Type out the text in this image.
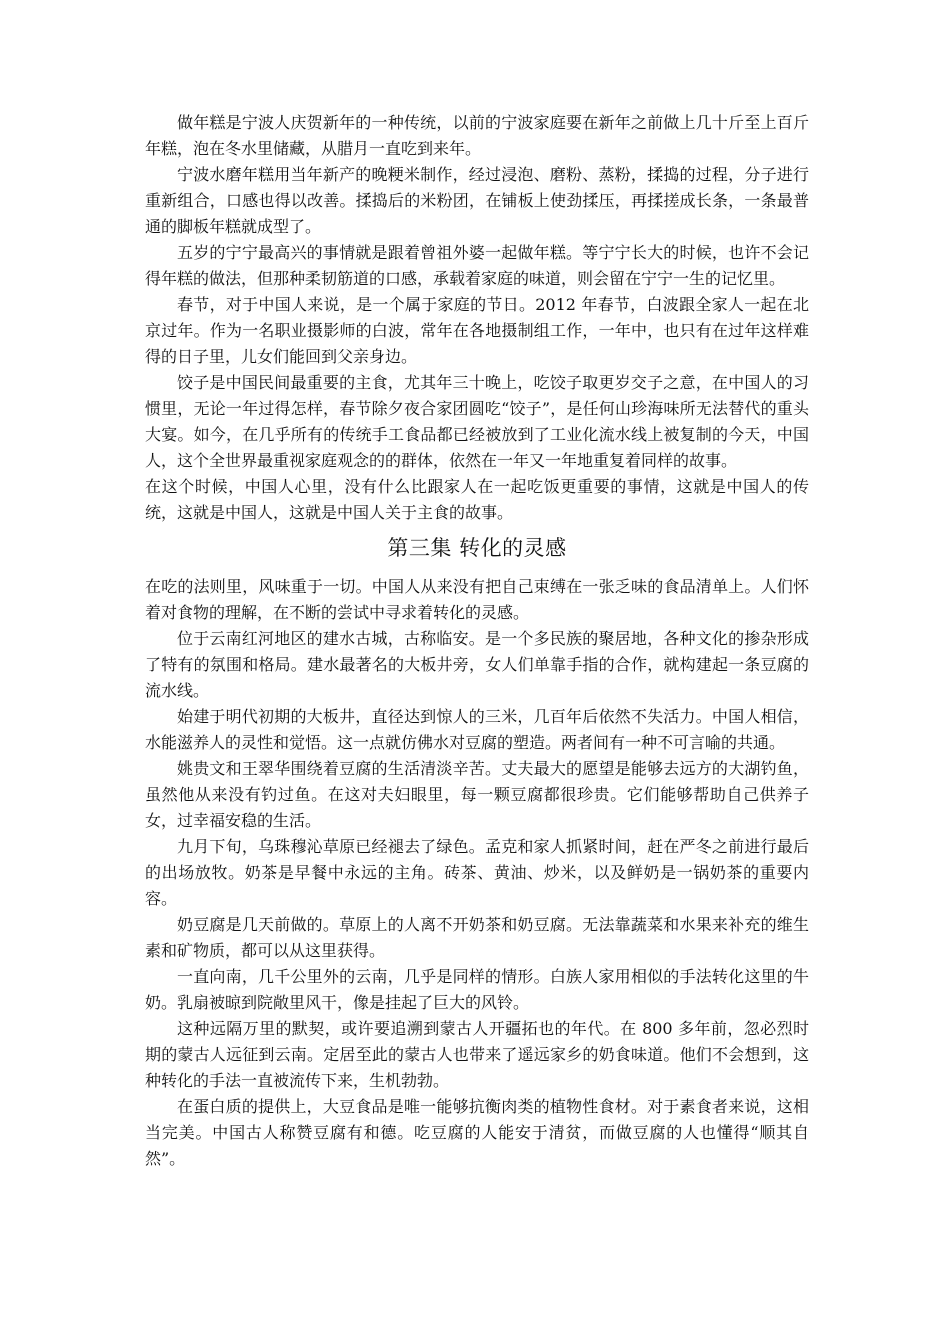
做年糕是宁波人庆贺新年的一种传统，以前的宁波家庭要在新年之前做上几十斤至上百斤年糕，泡在冬水里储藏，从腊月一直吃到来年。

宁波水磨年糕用当年新产的晚粳米制作，经过浸泡、磨粉、蒸粉，揉捣的过程，分子进行重新组合，口感也得以改善。揉捣后的米粉团，在铺板上使劲揉压，再揉搓成长条，一条最普通的脚板年糕就成型了。

五岁的宁宁最高兴的事情就是跟着曾祖外婆一起做年糕。等宁宁长大的时候，也许不会记得年糕的做法，但那种柔韧筋道的口感，承载着家庭的味道，则会留在宁宁一生的记忆里。

春节，对于中国人来说，是一个属于家庭的节日。2012 年春节，白波跟全家人一起在北京过年。作为一名职业摄影师的白波，常年在各地摄制组工作，一年中，也只有在过年这样难得的日子里，儿女们能回到父亲身边。

饺子是中国民间最重要的主食，尤其年三十晚上，吃饺子取更岁交子之意，在中国人的习惯里，无论一年过得怎样，春节除夕夜合家团圆吃“饺子”，是任何山珍海味所无法替代的重头大宴。如今，在几乎所有的传统手工食品都已经被放到了工业化流水线上被复制的今天，中国人，这个全世界最重视家庭观念的的群体，依然在一年又一年地重复着同样的故事。

在这个时候，中国人心里，没有什么比跟家人在一起吃饭更重要的事情，这就是中国人的传统，这就是中国人，这就是中国人关于主食的故事。

第三集 转化的灵感

在吃的法则里，风味重于一切。中国人从来没有把自己束缚在一张乏味的食品清单上。人们怀着对食物的理解，在不断的尝试中寻求着转化的灵感。

位于云南红河地区的建水古城，古称临安。是一个多民族的聚居地，各种文化的掺杂形成了特有的氛围和格局。建水最著名的大板井旁，女人们单靠手指的合作，就构建起一条豆腐的流水线。

始建于明代初期的大板井，直径达到惊人的三米，几百年后依然不失活力。中国人相信，水能滋养人的灵性和觉悟。这一点就仿佛水对豆腐的塑造。两者间有一种不可言喻的共通。

姚贵文和王翠华围绕着豆腐的生活清淡辛苦。丈夫最大的愿望是能够去远方的大湖钓鱼，虽然他从来没有钓过鱼。在这对夫妇眼里，每一颗豆腐都很珍贵。它们能够帮助自己供养子女，过幸福安稳的生活。

九月下旬，乌珠穆沁草原已经褪去了绿色。孟克和家人抓紧时间，赶在严冬之前进行最后的出场放牧。奶茶是早餐中永远的主角。砖茶、黄油、炒米，以及鲜奶是一锅奶茶的重要内容。

奶豆腐是几天前做的。草原上的人离不开奶茶和奶豆腐。无法靠蔬菜和水果来补充的维生素和矿物质，都可以从这里获得。

一直向南，几千公里外的云南，几乎是同样的情形。白族人家用相似的手法转化这里的牛奶。乳扇被晾到院敞里风干，像是挂起了巨大的风铃。

这种远隔万里的默契，或许要追溯到蒙古人开疆拓也的年代。在 800 多年前，忽必烈时期的蒙古人远征到云南。定居至此的蒙古人也带来了遥远家乡的奶食味道。他们不会想到，这种转化的手法一直被流传下来，生机勃勃。

在蛋白质的提供上，大豆食品是唯一能够抗衡肉类的植物性食材。对于素食者来说，这相当完美。中国古人称赞豆腐有和德。吃豆腐的人能安于清贫，而做豆腐的人也懂得“顺其自然”。
